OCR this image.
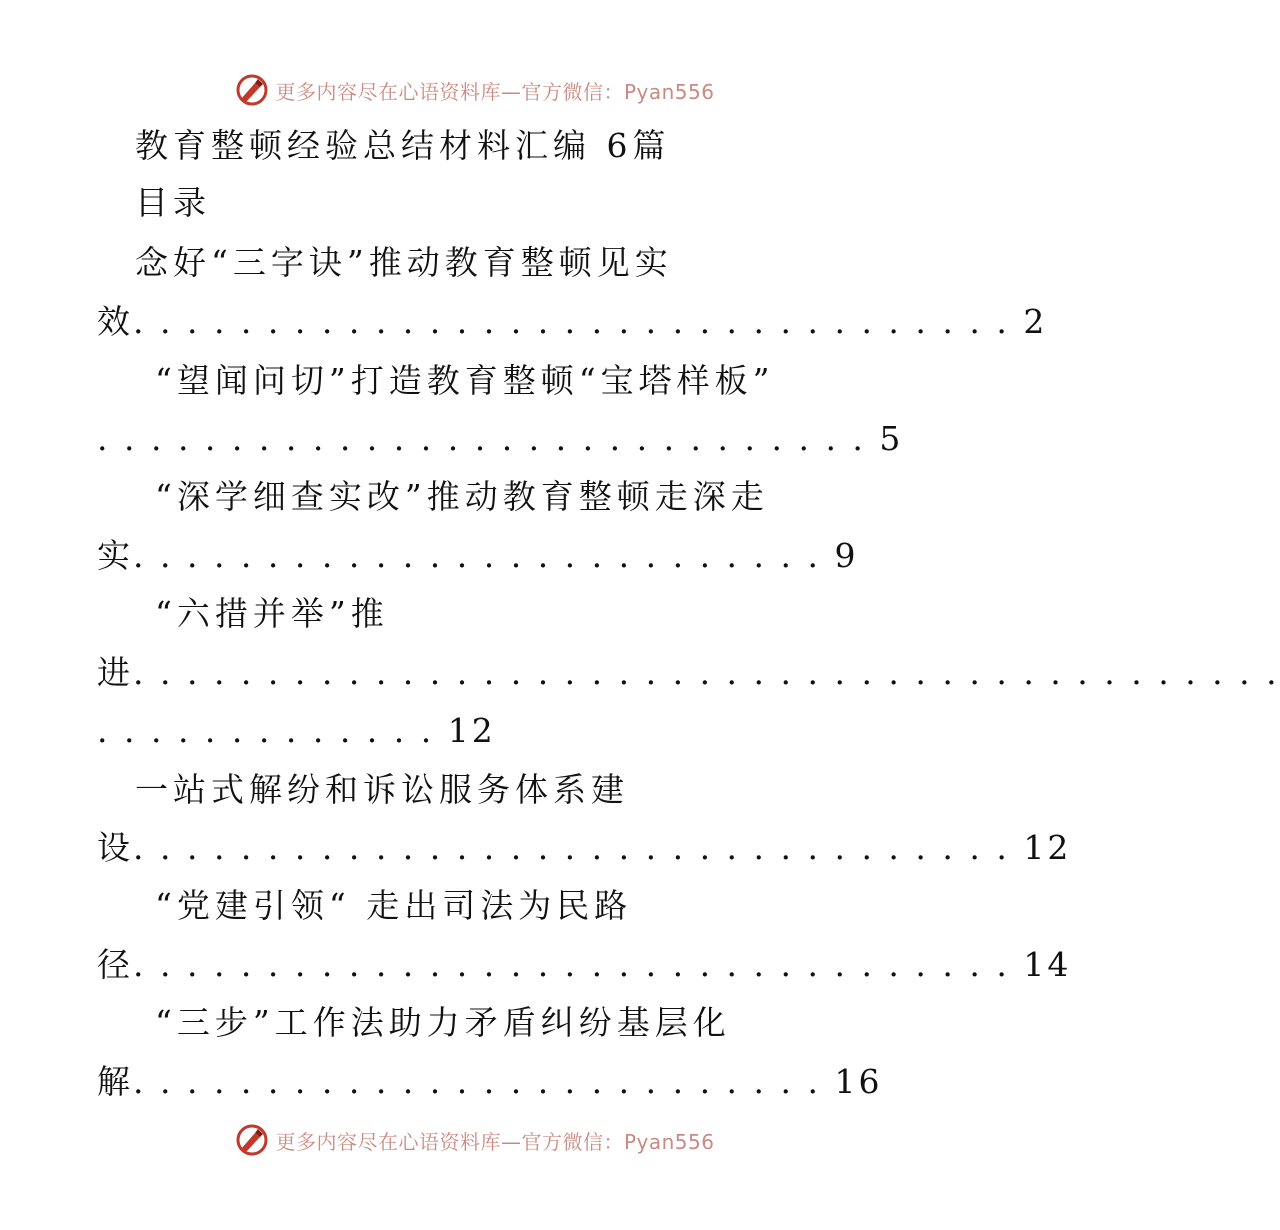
更多内容尽在心语资料库—官方微信：Pyan556
教育整顿经验总结材料汇编 6篇
目录
念好“三字诀”推动教育整顿见实
效. . . . . . . . . . . . . . . . . . . . . . . . . . . . . . . . . 2
“望闻问切”打造教育整顿“宝塔样板”
. . . . . . . . . . . . . . . . . . . . . . . . . . . . . 5
“深学细查实改”推动教育整顿走深走
实. . . . . . . . . . . . . . . . . . . . . . . . . . 9
“六措并举”推
进. . . . . . . . . . . . . . . . . . . . . . . . . . . . . . . . . . . . . . . . . . .
. . . . . . . . . . . . . 12
一站式解纷和诉讼服务体系建
设. . . . . . . . . . . . . . . . . . . . . . . . . . . . . . . . . 12
“党建引领“ 走出司法为民路
径. . . . . . . . . . . . . . . . . . . . . . . . . . . . . . . . . 14
“三步”工作法助力矛盾纠纷基层化
解. . . . . . . . . . . . . . . . . . . . . . . . . . 16
更多内容尽在心语资料库—官方微信：Pyan556
